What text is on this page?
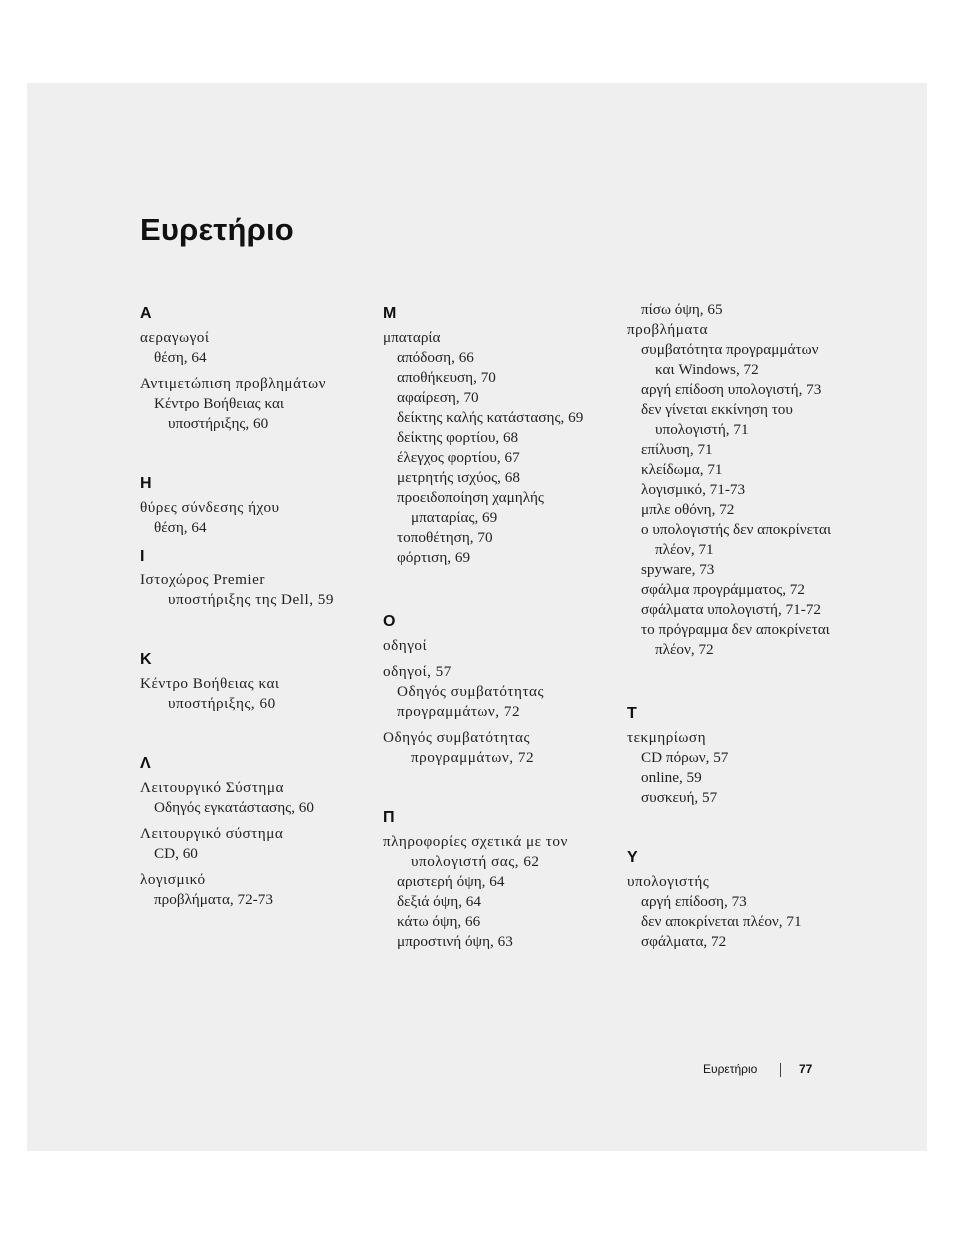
Ευρετήριο
A
αεραγωγοί
θέση, 64
Αντιμετώπιση προβλημάτων
Κέντρο Βοήθειας και
υποστήριξης, 60
H
θύρες σύνδεσης ήχου
θέση, 64
I
Ιστοχώρος Premier
υποστήριξης της Dell, 59
K
Κέντρο Βοήθειας και
υποστήριξης, 60
Λ
Λειτουργικό Σύστημα
Οδηγός εγκατάστασης, 60
Λειτουργικό σύστημα
CD, 60
λογισμικό
προβλήματα, 72-73
M
μπαταρία
απόδοση, 66
αποθήκευση, 70
αφαίρεση, 70
δείκτης καλής κατάστασης, 69
δείκτης φορτίου, 68
έλεγχος φορτίου, 67
μετρητής ισχύος, 68
προειδοποίηση χαμηλής
μπαταρίας, 69
τοποθέτηση, 70
φόρτιση, 69
O
οδηγοί
οδηγοί, 57
Οδηγός συμβατότητας
προγραμμάτων, 72
Οδηγός συμβατότητας
προγραμμάτων, 72
Π
πληροφορίες σχετικά με τον
υπολογιστή σας, 62
αριστερή όψη, 64
δεξιά όψη, 64
κάτω όψη, 66
μπροστινή όψη, 63
πίσω όψη, 65
προβλήματα
συμβατότητα προγραμμάτων
και Windows, 72
αργή επίδοση υπολογιστή, 73
δεν γίνεται εκκίνηση του
υπολογιστή, 71
επίλυση, 71
κλείδωμα, 71
λογισμικό, 71-73
μπλε οθόνη, 72
ο υπολογιστής δεν αποκρίνεται
πλέον, 71
spyware, 73
σφάλμα προγράμματος, 72
σφάλματα υπολογιστή, 71-72
το πρόγραμμα δεν αποκρίνεται
πλέον, 72
T
τεκμηρίωση
CD πόρων, 57
online, 59
συσκευή, 57
Y
υπολογιστής
αργή επίδοση, 73
δεν αποκρίνεται πλέον, 71
σφάλματα, 72
Ευρετήριο	77
